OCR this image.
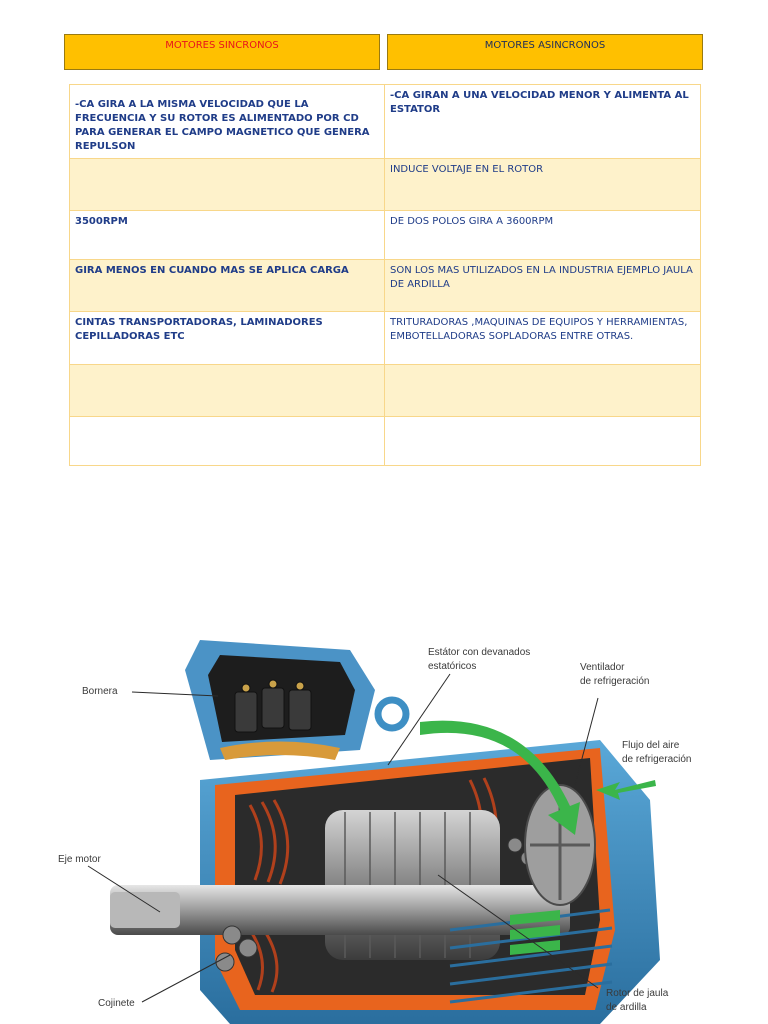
MOTORES SINCRONOS	MOTORES ASINCRONOS
-CA GIRA A LA MISMA VELOCIDAD QUE LA FRECUENCIA Y SU ROTOR ES ALIMENTADO POR CD PARA GENERAR EL CAMPO MAGNETICO QUE GENERA REPULSON	-CA GIRAN A UNA VELOCIDAD MENOR Y ALIMENTA AL ESTATOR
	INDUCE VOLTAJE EN EL ROTOR
3500RPM	DE DOS POLOS GIRA A 3600RPM
GIRA MENOS EN CUANDO MAS SE APLICA CARGA	SON LOS MAS UTILIZADOS EN LA INDUSTRIA EJEMPLO JAULA DE ARDILLA
CINTAS TRANSPORTADORAS, LAMINADORES CEPILLADORAS ETC	TRITURADORAS ,MAQUINAS DE EQUIPOS Y HERRAMIENTAS, EMBOTELLADORAS SOPLADORAS ENTRE OTRAS.

Bornera
Estátor con devanados
estatóricos	Ventilador
de refrigeración
Flujo del aire
de refrigeración
Eje motor
Cojinete
Rotor de jaula
de ardilla
